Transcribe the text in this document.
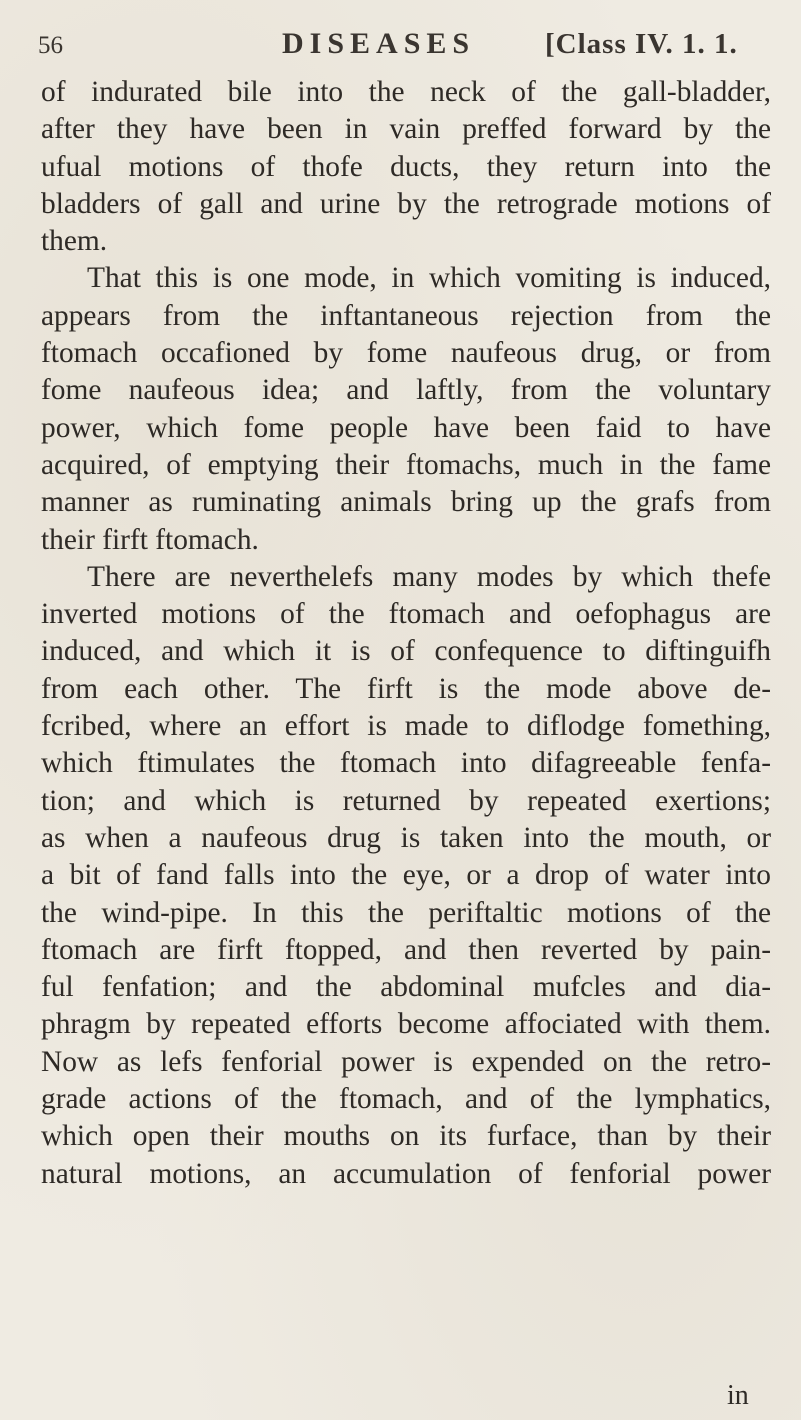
56	DISEASES [Class IV. 1. 1.
of indurated bile into the neck of the gall-bladder,
after they have been in vain preffed forward by the
ufual motions of thofe ducts, they return into the
bladders of gall and urine by the retrograde motions of
them.
That this is one mode, in which vomiting is induced,
appears from the inftantaneous rejection from the
ftomach occafioned by fome naufeous drug, or from
fome naufeous idea; and laftly, from the voluntary
power, which fome people have been faid to have
acquired, of emptying their ftomachs, much in the fame
manner as ruminating animals bring up the grafs from
their firft ftomach.
There are neverthelefs many modes by which thefe
inverted motions of the ftomach and oefophagus are
induced, and which it is of confequence to diftinguifh
from each other. The firft is the mode above de-
fcribed, where an effort is made to diflodge fomething,
which ftimulates the ftomach into difagreeable fenfa-
tion; and which is returned by repeated exertions;
as when a naufeous drug is taken into the mouth, or
a bit of fand falls into the eye, or a drop of water into
the wind-pipe. In this the periftaltic motions of the
ftomach are firft ftopped, and then reverted by pain-
ful fenfation; and the abdominal mufcles and dia-
phragm by repeated efforts become affociated with them.
Now as lefs fenforial power is expended on the retro-
grade actions of the ftomach, and of the lymphatics,
which open their mouths on its furface, than by their
natural motions, an accumulation of fenforial power
in
